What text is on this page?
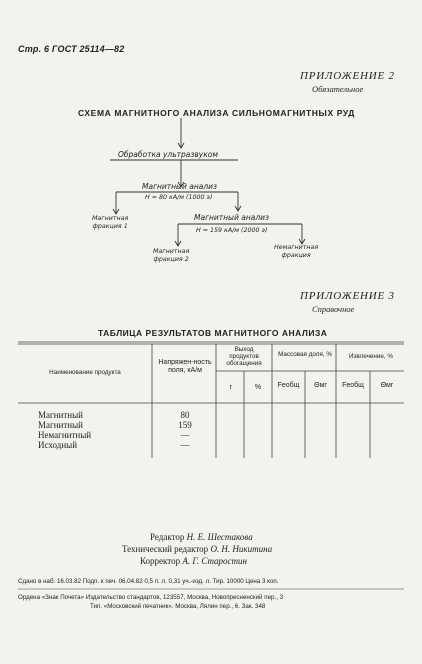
Стр. 6 ГОСТ 25114—82
ПРИЛОЖЕНИЕ 2
Обязательное
СХЕМА МАГНИТНОГО АНАЛИЗА СИЛЬНОМАГНИТНЫХ РУД
Обработка ультразвуком
Магнитный анализ
H = 80 кА/м (1000 э)
Магнитная
фракция 1
Магнитный анализ
H = 159 кА/м (2000 э)
Магнитная
фракция 2
Немагнитная
фракция
ПРИЛОЖЕНИЕ 3
Справочное
ТАБЛИЦА РЕЗУЛЬТАТОВ МАГНИТНОГО АНАЛИЗА
Наименование продукта
Напряжен-ность поля, кА/м
Выход продуктов обогащения
г	%
Массовая доля, %
Feобщ	Θмг
Извлечение, %
Feобщ	Θмг
Магнитный	80
Магнитный	159
Немагнитный	—
Исходный	—
Редактор Н. Е. Шестакова
Технический редактор О. Н. Никитина
Корректор А. Г. Старостин
Сдано в наб. 16.03.82 Подп. к печ. 06.04.82 0,5 п. л. 0,31 уч.-изд. л. Тир. 10000 Цена 3 коп.
Ордена «Знак Почета» Издательство стандартов, 123557, Москва, Новопресненский пер., 3
Тип. «Московский печатник». Москва, Лялин пер., 6. Зак. 348
